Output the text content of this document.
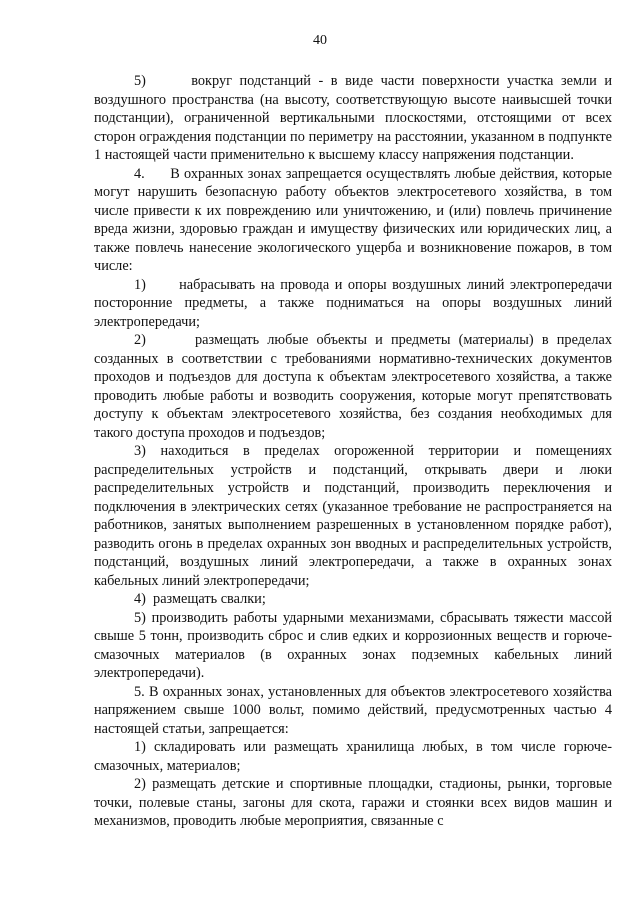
40

5)      вокруг подстанций - в виде части поверхности участка земли и воздушного пространства (на высоту, соответствующую высоте наивысшей точки подстанции), ограниченной вертикальными плоскостями, отстоящими от всех сторон ограждения подстанции по периметру на расстоянии, указанном в подпункте 1 настоящей части применительно к высшему классу напряжения подстанции.

4.      В охранных зонах запрещается осуществлять любые действия, которые могут нарушить безопасную работу объектов электросетевого хозяйства, в том числе привести к их повреждению или уничтожению, и (или) повлечь причинение вреда жизни, здоровью граждан и имуществу физических или юридических лиц, а также повлечь нанесение экологического ущерба и возникновение пожаров, в том числе:

1)      набрасывать на провода и опоры воздушных линий электропередачи посторонние предметы, а также подниматься на опоры воздушных линий электропередачи;

2)      размещать любые объекты и предметы (материалы) в пределах созданных в соответствии с требованиями нормативно-технических документов проходов и подъездов для доступа к объектам электросетевого хозяйства, а также проводить любые работы и возводить сооружения, которые могут препятствовать доступу к объектам электросетевого хозяйства, без создания необходимых для такого доступа проходов и подъездов;

3) находиться в пределах огороженной территории и помещениях распределительных устройств и подстанций, открывать двери и люки распределительных устройств и подстанций, производить переключения и подключения в электрических сетях (указанное требование не распространяется на работников, занятых выполнением разрешенных в установленном порядке работ), разводить огонь в пределах охранных зон вводных и распределительных устройств, подстанций, воздушных линий электропередачи, а также в охранных зонах кабельных линий электропередачи;

4)  размещать свалки;

5) производить работы ударными механизмами, сбрасывать тяжести массой свыше 5 тонн, производить сброс и слив едких и коррозионных веществ и горюче-смазочных материалов (в охранных зонах подземных кабельных линий электропередачи).

5. В охранных зонах, установленных для объектов электросетевого хозяйства напряжением свыше 1000 вольт, помимо действий, предусмотренных частью 4 настоящей статьи, запрещается:

1) складировать или размещать хранилища любых, в том числе горюче-смазочных, материалов;

2) размещать детские и спортивные площадки, стадионы, рынки, торговые точки, полевые станы, загоны для скота, гаражи и стоянки всех видов машин и механизмов, проводить любые мероприятия, связанные с
